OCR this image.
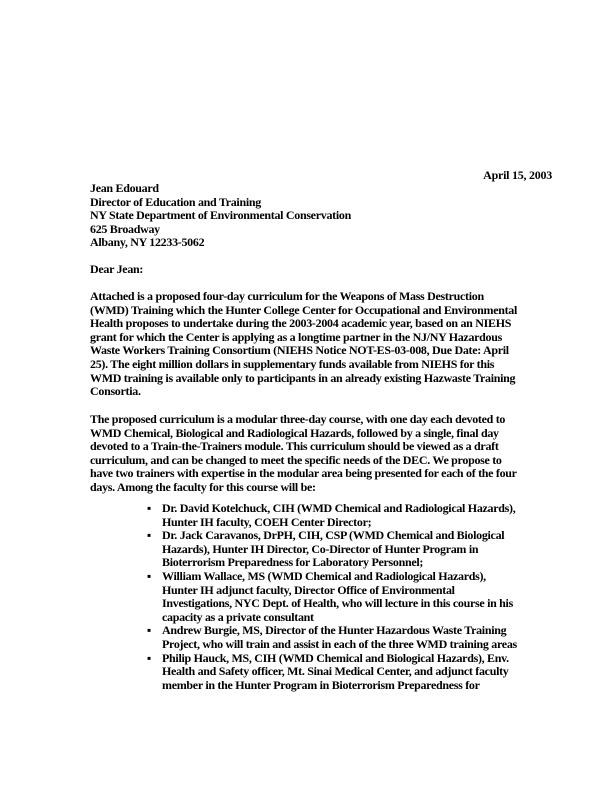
April 15, 2003
Jean Edouard
Director of Education and Training
NY State Department of Environmental Conservation
625 Broadway
Albany, NY 12233-5062
Dear Jean:
Attached is a proposed four-day curriculum for the Weapons of Mass Destruction
(WMD) Training which the Hunter College Center for Occupational and Environmental
Health proposes to undertake during the 2003-2004 academic year, based on an NIEHS
grant for which the Center is applying as a longtime partner in the NJ/NY Hazardous
Waste Workers Training Consortium (NIEHS Notice NOT-ES-03-008, Due Date: April
25). The eight million dollars in supplementary funds available from NIEHS for this
WMD training is available only to participants in an already existing Hazwaste Training
Consortia.
The proposed curriculum is a modular three-day course, with one day each devoted to
WMD Chemical, Biological and Radiological Hazards, followed by a single, final day
devoted to a Train-the-Trainers module. This curriculum should be viewed as a draft
curriculum, and can be changed to meet the specific needs of the DEC. We propose to
have two trainers with expertise in the modular area being presented for each of the four
days. Among the faculty for this course will be:
▪ Dr. David Kotelchuck, CIH (WMD Chemical and Radiological Hazards),
Hunter IH faculty, COEH Center Director;
▪ Dr. Jack Caravanos, DrPH, CIH, CSP (WMD Chemical and Biological
Hazards), Hunter IH Director, Co-Director of Hunter Program in
Bioterrorism Preparedness for Laboratory Personnel;
▪ William Wallace, MS (WMD Chemical and Radiological Hazards),
Hunter IH adjunct faculty, Director Office of Environmental
Investigations, NYC Dept. of Health, who will lecture in this course in his
capacity as a private consultant
▪ Andrew Burgie, MS, Director of the Hunter Hazardous Waste Training
Project, who will train and assist in each of the three WMD training areas
▪ Philip Hauck, MS, CIH (WMD Chemical and Biological Hazards), Env.
Health and Safety officer, Mt. Sinai Medical Center, and adjunct faculty
member in the Hunter Program in Bioterrorism Preparedness for
